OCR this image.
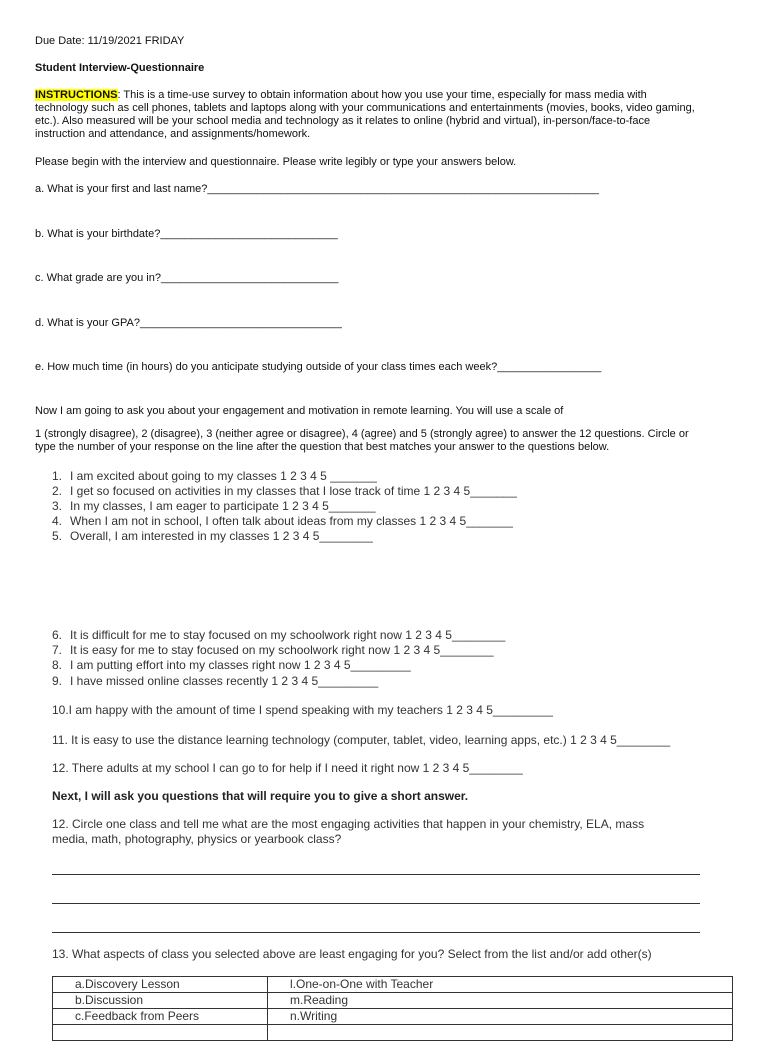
Due Date: 11/19/2021 FRIDAY
Student Interview-Questionnaire
INSTRUCTIONS: This is a time-use survey to obtain information about how you use your time, especially for mass media with
technology such as cell phones, tablets and laptops along with your communications and entertainments (movies, books, video gaming,
etc.). Also measured will be your school media and technology as it relates to online (hybrid and virtual), in-person/face-to-face
instruction and attendance, and assignments/homework.
Please begin with the interview and questionnaire. Please write legibly or type your answers below.
a. What is your first and last name?________________________________________________________________
b. What is your birthdate?_____________________________
c. What grade are you in?_____________________________
d. What is your GPA?_________________________________
e. How much time (in hours) do you anticipate studying outside of your class times each week?_________________
Now I am going to ask you about your engagement and motivation in remote learning. You will use a scale of
1 (strongly disagree), 2 (disagree), 3 (neither agree or disagree), 4 (agree) and 5 (strongly agree) to answer the 12 questions. Circle or
type the number of your response on the line after the question that best matches your answer to the questions below.
1. I am excited about going to my classes 1 2 3 4 5 _______
2. I get so focused on activities in my classes that I lose track of time 1 2 3 4 5_______
3. In my classes, I am eager to participate 1 2 3 4 5_______
4. When I am not in school, I often talk about ideas from my classes 1 2 3 4 5_______
5. Overall, I am interested in my classes 1 2 3 4 5________
6. It is difficult for me to stay focused on my schoolwork right now 1 2 3 4 5________
7. It is easy for me to stay focused on my schoolwork right now 1 2 3 4 5________
8. I am putting effort into my classes right now 1 2 3 4 5_________
9. I have missed online classes recently 1 2 3 4 5_________
10.I am happy with the amount of time I spend speaking with my teachers 1 2 3 4 5_________
11. It is easy to use the distance learning technology (computer, tablet, video, learning apps, etc.) 1 2 3 4 5________
12. There adults at my school I can go to for help if I need it right now 1 2 3 4 5________
Next, I will ask you questions that will require you to give a short answer.
12. Circle one class and tell me what are the most engaging activities that happen in your chemistry, ELA, mass
media, math, photography, physics or yearbook class?
13. What aspects of class you selected above are least engaging for you? Select from the list and/or add other(s)
a.Discovery Lesson	l.One-on-One with Teacher
b.Discussion	m.Reading
c.Feedback from Peers	n.Writing
